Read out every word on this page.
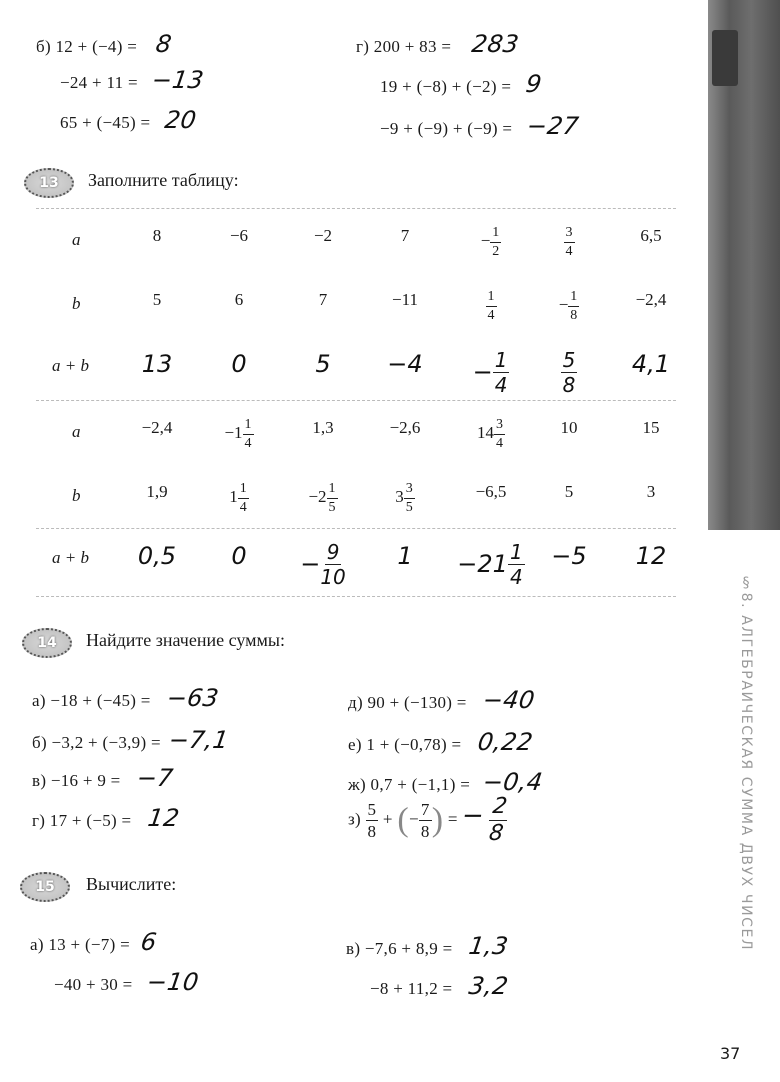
б) 12 + (−4) = 8
−24 + 11 = −13
65 + (−45) = 20
г) 200 + 83 = 283
19 + (−8) + (−2) = 9
−9 + (−9) + (−9) = −27
13	Заполните таблицу:
a	8	−6	−2	7	− $\frac{1}{2}$	$\frac{3}{4}$	6,5
b	5	6	7	−11	$\frac{1}{4}$	− $\frac{1}{8}$	−2,4
a + b	13	0	5	−4	− $\frac{1}{4}$	$\frac{5}{8}$	4,1
a	−2,4	$-1 \frac{1}{4}$	1,3	−2,6	$14 \frac{3}{4}$	10	15
b	1,9	$1 \frac{1}{4}$	$-2 \frac{1}{5}$	$3 \frac{3}{5}$	−6,5	5	3
a + b	0,5	0	− $\frac{9}{10}$	1	$-21 \frac{1}{4}$	−5	12
14	Найдите значение суммы:
а) −18 + (−45) = −63
б) −3,2 + (−3,9) = −7,1
в) −16 + 9 = −7
г) 17 + (−5) = 12
д) 90 + (−130) = −40
е) 1 + (−0,78) = 0,22
ж) 0,7 + (−1,1) = −0,4
$з) \frac{5}{8}$ + (− $\frac{7}{8}$ ) = − $\frac{2}{8}$
15	Вычислите:
а) 13 + (−7) = 6
−40 + 30 = −10
в) −7,6 + 8,9 = 1,3
−8 + 11,2 = 3,2
§8. АЛГЕБРАИЧЕСКАЯ СУММА ДВУХ ЧИСЕЛ
37
